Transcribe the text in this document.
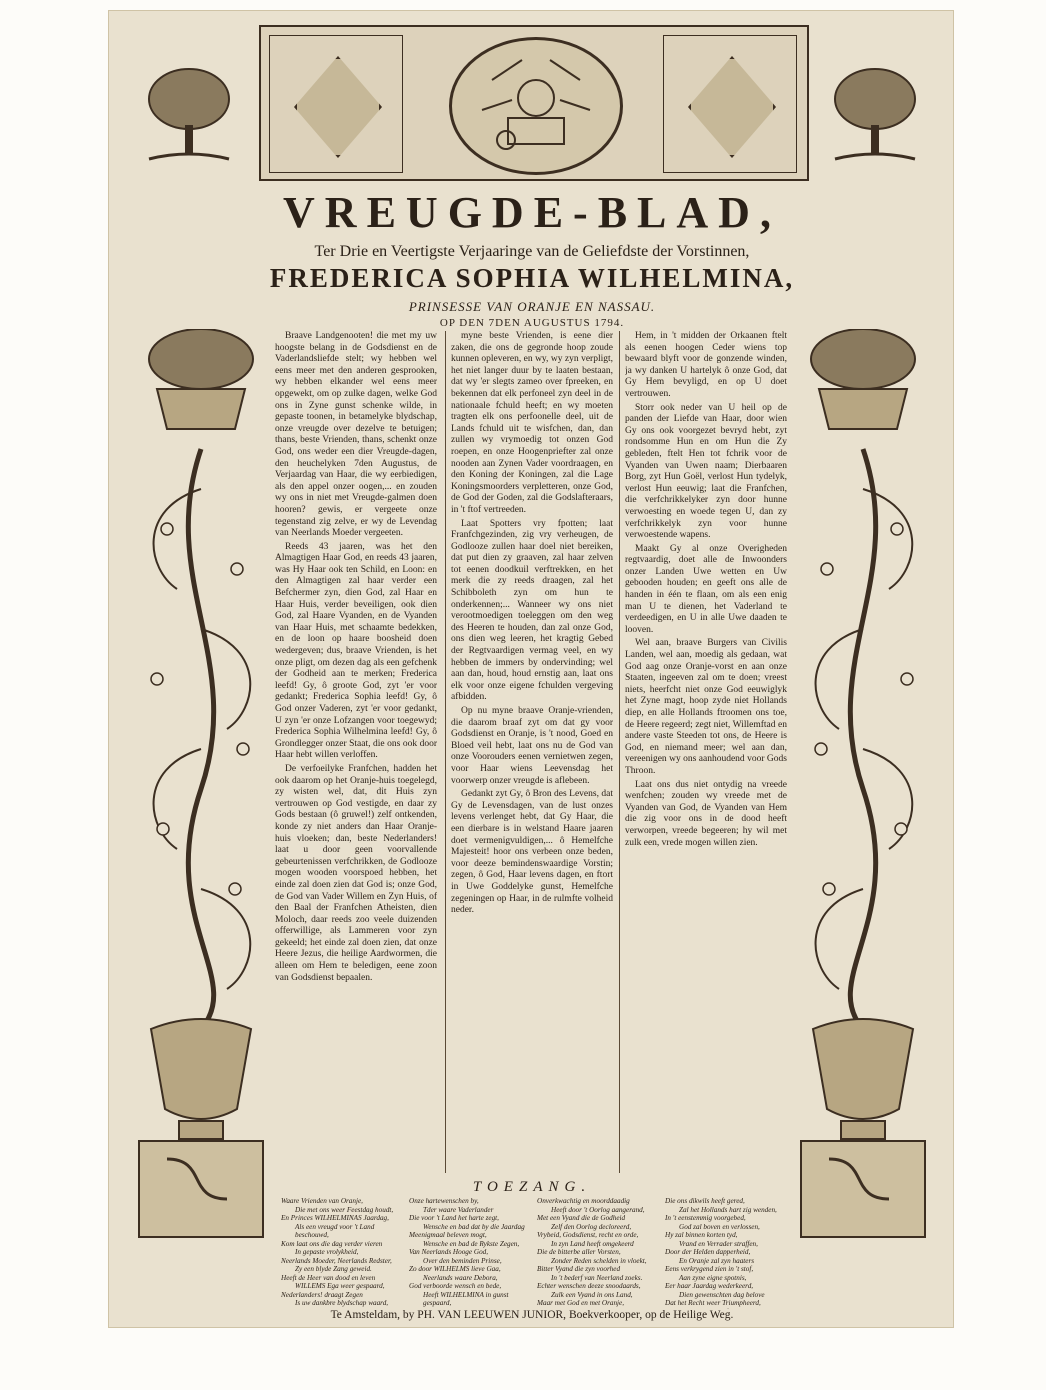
VREUGDE-BLAD,
Ter Drie en Veertigste Verjaaringe van de Geliefdste der Vorstinnen,
FREDERICA SOPHIA WILHELMINA,
PRINSESSE VAN ORANJE EN NASSAU.
OP DEN 7DEN AUGUSTUS 1794.

Braave Landgenooten! die met my uw hoogste belang in de Godsdienst en de Vaderlandsliefde stelt; wy hebben wel eens meer met den anderen gesprooken, wy hebben elkander wel eens meer opgewekt, om op zulke dagen, welke God ons in Zyne gunst schenke wilde, in gepaste toonen, in betamelyke blydschap, onze vreugde over dezelve te betuigen; thans, beste Vrienden, thans, schenkt onze God, ons weder een dier Vreugde-dagen, den heuchelyken 7den Augustus, de Verjaardag van Haar, die wy eerbiedigen, als den appel onzer oogen,... en zouden wy ons in niet met Vreugde-galmen doen hooren? gewis, er vergeete onze tegenstand zig zelve, er wy de Levendag van Neerlands Moeder vergeeten.

Reeds 43 jaaren, was het den Almagtigen Haar God, en reeds 43 jaaren, was Hy Haar ook ten Schild, en Loon: en den Almagtigen zal haar verder een Befchermer zyn, dien God, zal Haar en Haar Huis, verder beveiligen, ook dien God, zal Haare Vyanden, en de Vyanden van Haar Huis, met schaamte bedekken, en de loon op haare boosheid doen wedergeven; dus, braave Vrienden, is het onze pligt, om dezen dag als een gefchenk der Godheid aan te merken; Frederica leefd! Gy, ô groote God, zyt 'er voor gedankt; Frederica Sophia leefd! Gy, ô God onzer Vaderen, zyt 'er voor gedankt, U zyn 'er onze Lofzangen voor toegewyd; Frederica Sophia Wilhelmina leefd! Gy, ô Grondlegger onzer Staat, die ons ook door Haar hebt willen verloffen.

De verfoeilyke Franfchen, hadden het ook daarom op het Oranje-huis toegelegd, zy wisten wel, dat, dit Huis zyn vertrouwen op God vestigde, en daar zy Gods bestaan (ô gruwel!) zelf ontkenden, konde zy niet anders dan Haar Oranje-huis vloeken; dan, beste Nederlanders! laat u door geen voorvallende gebeurtenissen verfchrikken, de Godlooze mogen wooden voorspoed hebben, het einde zal doen zien dat God is; onze God, de God van Vader Willem en Zyn Huis, of den Baal der Franfchen Atheisten, dien Moloch, daar reeds zoo veele duizenden offerwillige, als Lammeren voor zyn gekeeld; het einde zal doen zien, dat onze Heere Jezus, die heilige Aardwormen, die alleen om Hem te beledigen, eene zoon van Godsdienst bepaalen.

myne beste Vrienden, is eene dier zaken, die ons de gegronde hoop zoude kunnen opleveren, en wy, wy zyn verpligt, het niet langer duur by te laaten bestaan, dat wy 'er slegts zameo over fpreeken, en bekennen dat elk perfoneel zyn deel in de nationaale fchuld heeft; en wy moeten tragten elk ons perfoonelle deel, uit de Lands fchuld uit te wisfchen, dan, dan zullen wy vrymoedig tot onzen God roepen, en onze Hoogenpriefter zal onze nooden aan Zynen Vader voordraagen, en den Koning der Koningen, zal die Lage Koningsmoorders verpletteren, onze God, de God der Goden, zal die Godslafteraars, in 't ftof vertreeden.

Laat Spotters vry fpotten; laat Franfchgezinden, zig vry verheugen, de Godlooze zullen haar doel niet bereiken, dat put dien zy graaven, zal haar zelven tot eenen doodkuil verftrekken, en het merk die zy reeds draagen, zal het Schibboleth zyn om hun te onderkennen;... Wanneer wy ons niet verootmoedigen toeleggen om den weg des Heeren te houden, dan zal onze God, ons dien weg leeren, het kragtig Gebed der Regtvaardigen vermag veel, en wy hebben de immers by ondervinding; wel aan dan, houd, houd ernstig aan, laat ons elk voor onze eigene fchulden vergeving afbidden.

Op nu myne braave Oranje-vrienden, die daarom braaf zyt om dat gy voor Godsdienst en Oranje, is 't nood, Goed en Bloed veil hebt, laat ons nu de God van onze Voorouders eenen vernietwen zegen, voor Haar wiens Leevensdag het voorwerp onzer vreugde is aflebeen.

Gedankt zyt Gy, ô Bron des Levens, dat Gy de Levensdagen, van de lust onzes levens verlenget hebt, dat Gy Haar, die een dierbare is in welstand Haare jaaren doet vermenigvuldigen,... ô Hemelfche Majesteit! hoor ons verbeen onze beden, voor deeze bemindenswaardige Vorstin; zegen, ô God, Haar levens dagen, en ftort in Uwe Goddelyke gunst, Hemelfche zegeningen op Haar, in de rulmfte volheid neder.

Hem, in 't midden der Orkaanen ftelt als eenen hoogen Ceder wiens top bewaard blyft voor de gonzende winden, ja wy danken U hartelyk ô onze God, dat Gy Hem bevyligd, en op U doet vertrouwen.

Storr ook neder van U heil op de panden der Liefde van Haar, door wien Gy ons ook voorgezet bevryd hebt, zyt rondsomme Hun en om Hun die Zy gebleden, ftelt Hen tot fchrik voor de Vyanden van Uwen naam; Dierbaaren Borg, zyt Hun Goël, verlost Hun tydelyk, verlost Hun eeuwig; laat die Franfchen, die verfchrikkelyker zyn door hunne verwoesting en woede tegen U, dan zy verfchrikkelyk zyn voor hunne verwoestende wapens.

Maakt Gy al onze Overigheden regtvaardig, doet alle de Inwoonders onzer Landen Uwe wetten en Uw gebooden houden; en geeft ons alle de handen in één te flaan, om als een enig man U te dienen, het Vaderland te verdeedigen, en U in alle Uwe daaden te looven.

Wel aan, braave Burgers van Civilis Landen, wel aan, moedig als gedaan, wat God aag onze Oranje-vorst en aan onze Staaten, ingeeven zal om te doen; vreest niets, heerfcht niet onze God eeuwiglyk het Zyne magt, hoop zyde niet Hollands diep, en alle Hollands ftroomen ons toe, de Heere regeerd; zegt niet, Willemftad en andere vaste Steeden tot ons, de Heere is God, en niemand meer; wel aan dan, vereenigen wy ons aanhoudend voor Gods Throon.

Laat ons dus niet ontydig na vreede wenfchen; zouden wy vreede met de Vyanden van God, de Vyanden van Hem die zig voor ons in de dood heeft verworpen, vreede begeeren; hy wil met zulk een, vrede mogen willen zien.

TOEZANG.
Waare Vrienden van Oranje,
Die met ons weer Feestdag houdt,
En Princes WILHELMINAS Jaardag,
Als een vreugd voor 't Land beschouwd,
Kom laat ons die dag verder vieren
In gepaste vrolykheid,
Neerlands Moeder, Neerlands Redster,
Zy een blyde Zang geweid.
Heeft de Heer van dood en leven
WILLEMS Ega weer gespaard,
Nederlanders! draagt Zegen
Is uw dankbre blydschap waard,
Onze hartewenschen by,
Tder waare Vaderlander
Die voor 't Land het harte zegt,
Wensche en bad dat by die Jaardag
Meenigmaal beleven mogt,
Wensche en bad de Rykste Zegen,
Van Neerlands Hooge God,
Over den beminden Prinse,
Zo door WILHELMS lieve Gaa,
Neerlands waare Debora,
God verboorde wensch en bede,
Heeft WILHELMINA in gunst gespaard,
Onverkwachtig en moorddaadig
Heeft door 't Oorlog aangerand,
Met een Vyand die de Godheid
Zelf den Oorlog decloreerd,
Vrybeid, Godsdienst, recht en orde,
In zyn Land heeft omgekeerd
Die de bitterbe aller Vorsten,
Zonder Reden schelden in vloekt,
Bitter Vyand die zyn voorhed
In 't bederf van Neerland zoeks.
Echter wenschen deeze snoodaards,
Zulk een Vyand in ons Land,
Maar met God en met Oranje,
Die ons dikwils heeft gered,
Zal het Hollands hart zig wenden,
In 't eenstemmig voorgebed,
God zal boven en verlossen,
Hy zal binnen korten tyd,
Vrand en Verrader straffen,
Door der Helden dapperheid,
En Oranje zal zyn haaters
Eens verkrygend zien in 't stof,
Aan zyne eigne spotnis,
Eer haar Jaardag wederkeerd,
Dien gewenschten dag belove
Dat het Recht weer Triumpheerd,
Te Amsteldam, by PH. VAN LEEUWEN JUNIOR, Boekverkooper, op de Heilige Weg.
